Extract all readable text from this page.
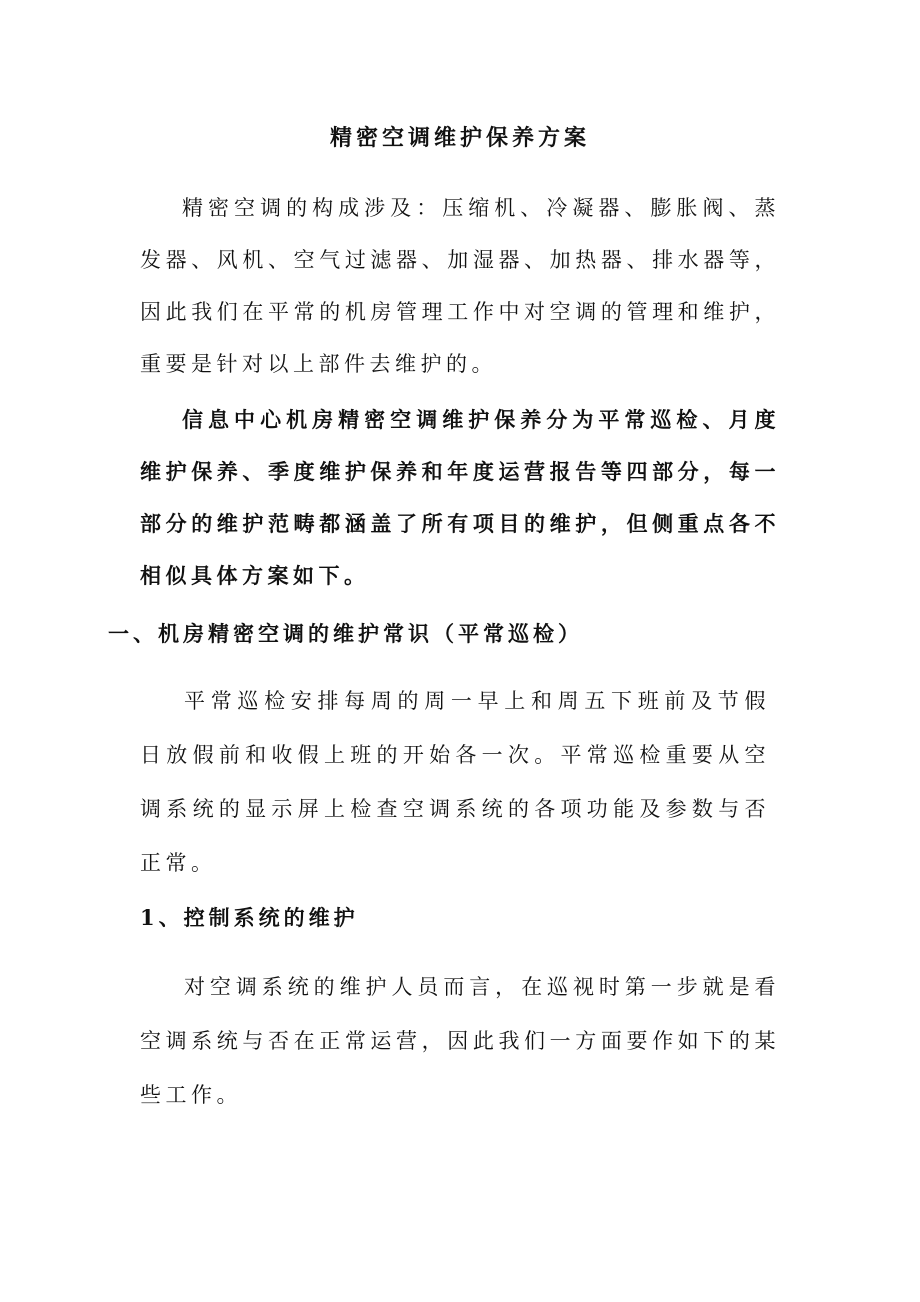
精密空调维护保养方案

精密空调的构成涉及：压缩机、冷凝器、膨胀阀、蒸发器、风机、空气过滤器、加湿器、加热器、排水器等，因此我们在平常的机房管理工作中对空调的管理和维护，重要是针对以上部件去维护的。

信息中心机房精密空调维护保养分为平常巡检、月度维护保养、季度维护保养和年度运营报告等四部分，每一部分的维护范畴都涵盖了所有项目的维护，但侧重点各不相似具体方案如下。

一、机房精密空调的维护常识（平常巡检）

平常巡检安排每周的周一早上和周五下班前及节假日放假前和收假上班的开始各一次。平常巡检重要从空调系统的显示屏上检查空调系统的各项功能及参数与否正常。

1、控制系统的维护

对空调系统的维护人员而言，在巡视时第一步就是看空调系统与否在正常运营，因此我们一方面要作如下的某些工作。
